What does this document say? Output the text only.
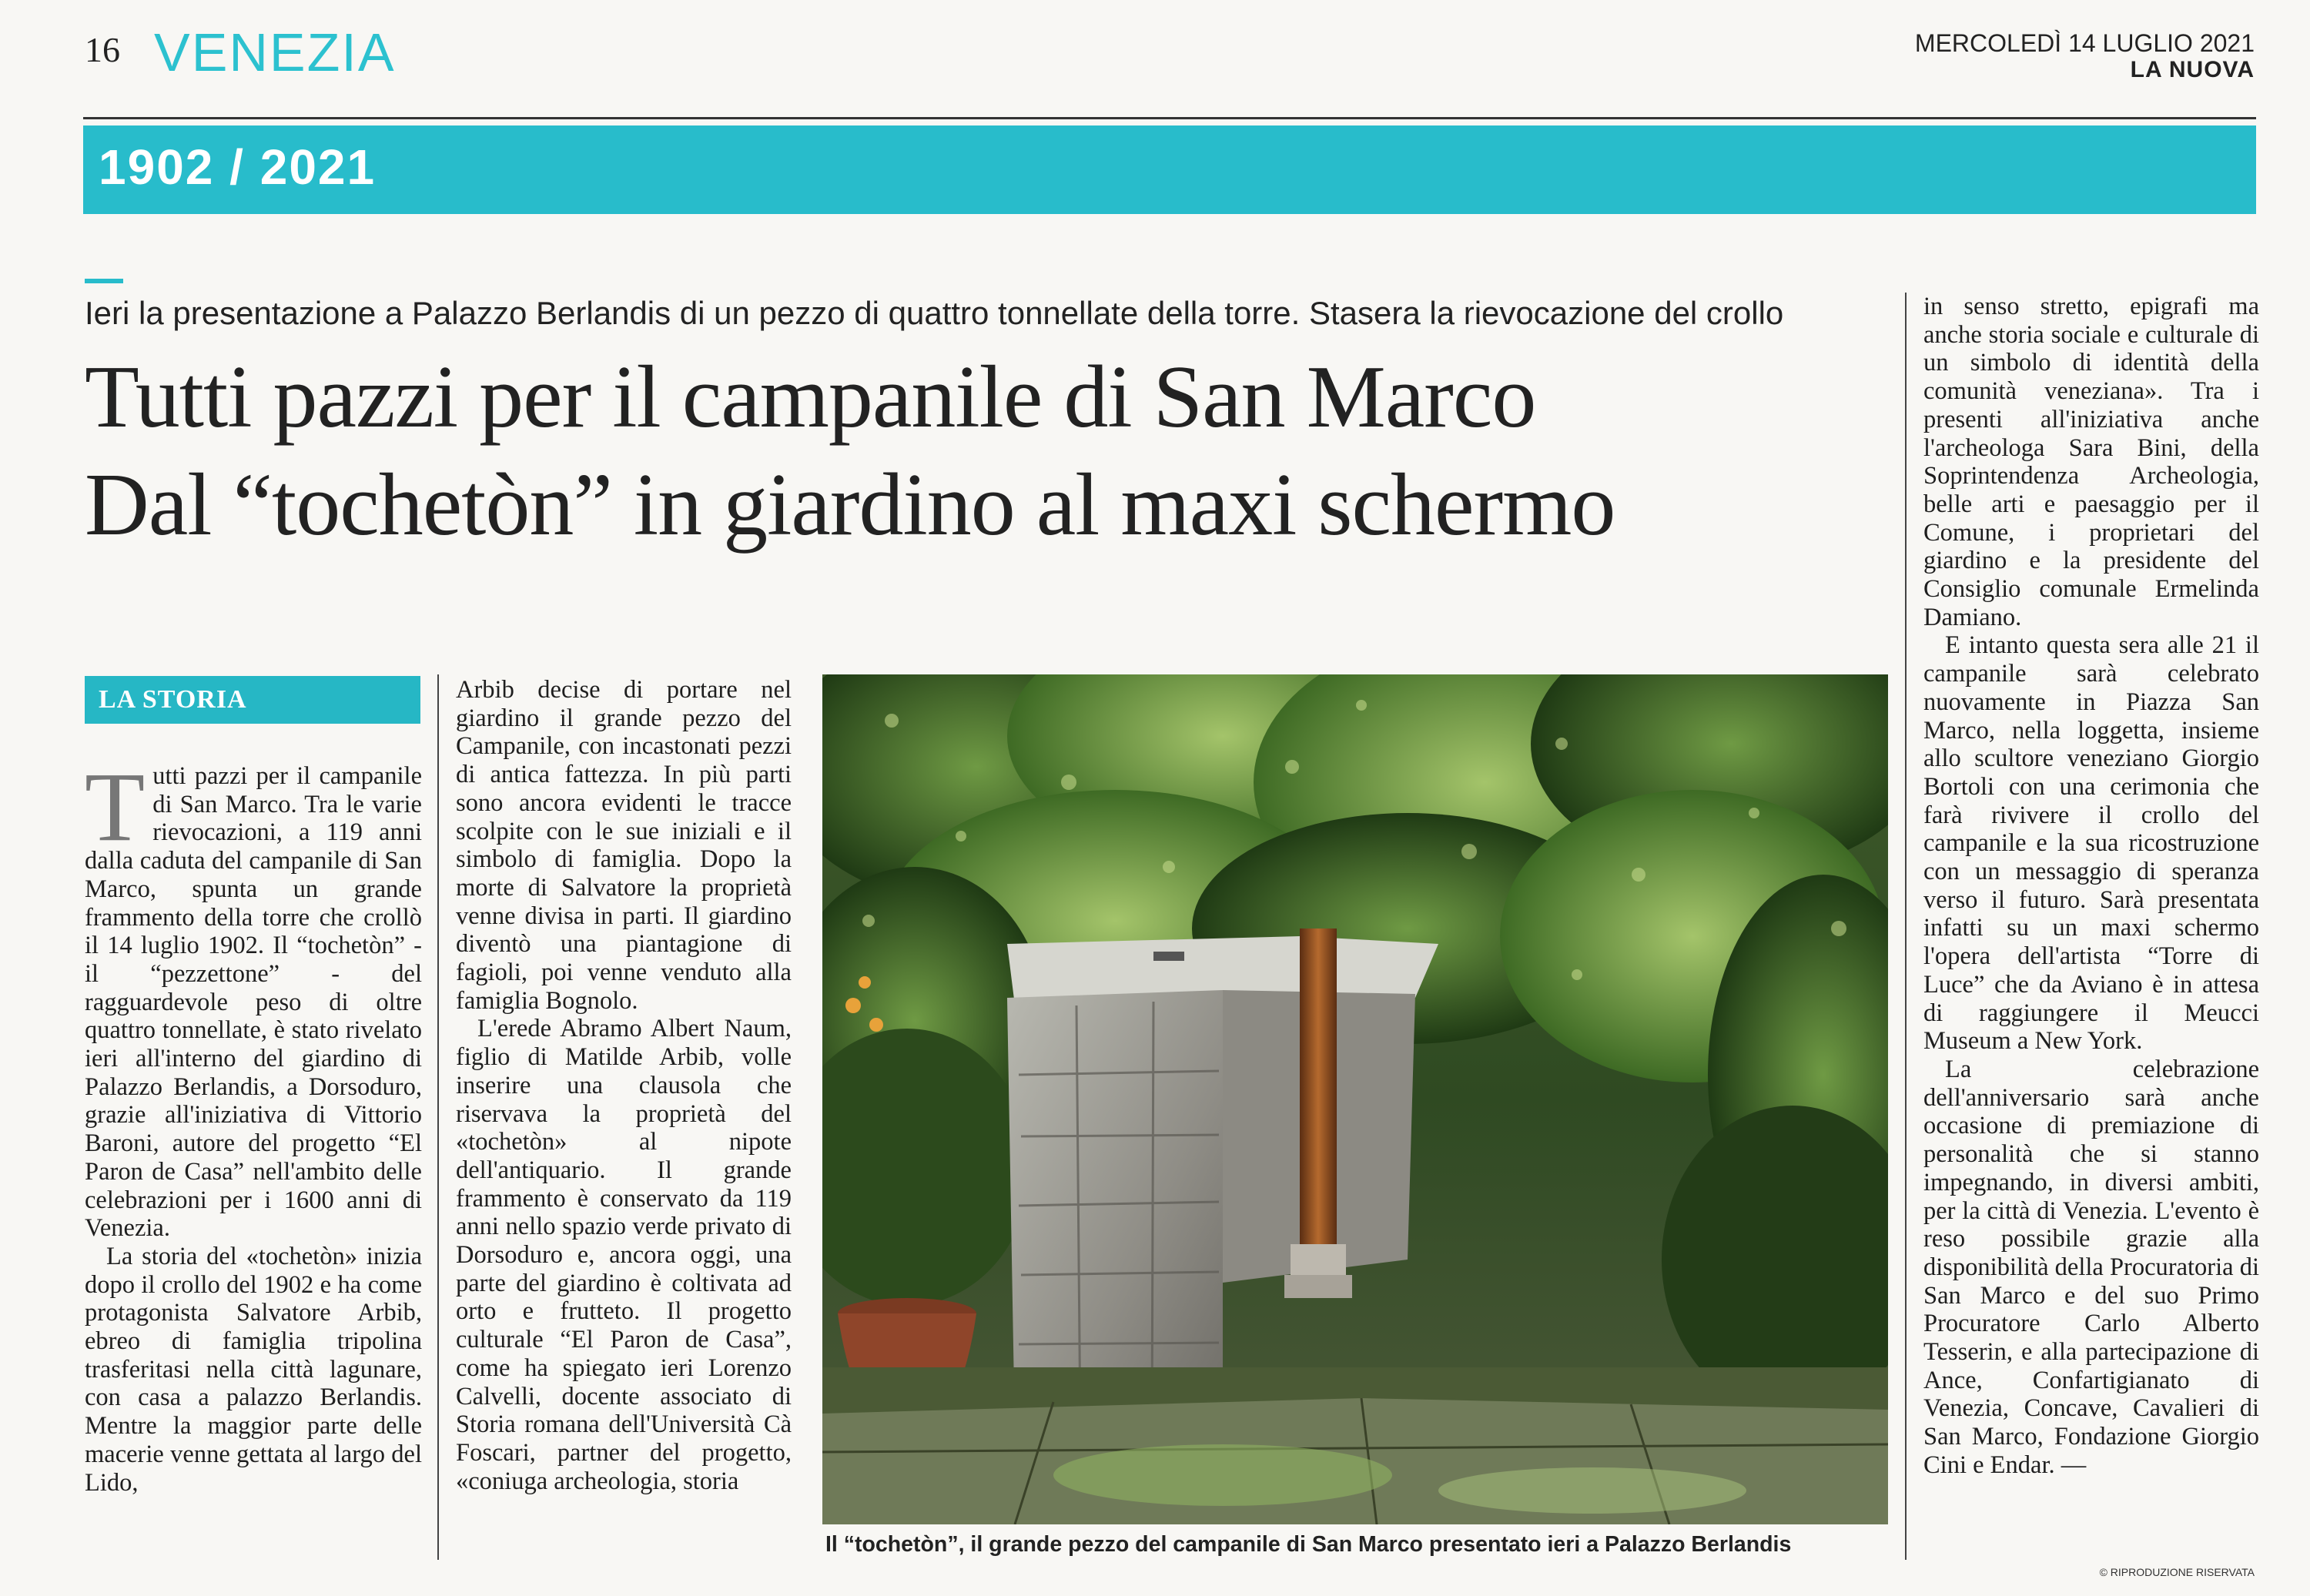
16 VENEZIA	MERCOLEDÌ 14 LUGLIO 2021
LA NUOVA
1902 / 2021
Ieri la presentazione a Palazzo Berlandis di un pezzo di quattro tonnellate della torre. Stasera la rievocazione del crollo
Tutti pazzi per il campanile di San Marco
Dal “tochetòn” in giardino al maxi schermo
LA STORIA

Tutti pazzi per il campanile di San Marco. Tra le varie rievocazioni, a 119 anni dalla caduta del campanile di San Marco, spunta un grande frammento della torre che crollò il 14 luglio 1902. Il “tochetòn” - il “pezzettone” - del ragguardevole peso di oltre quattro tonnellate, è stato rivelato ieri all'interno del giardino di Palazzo Berlandis, a Dorsoduro, grazie all'iniziativa di Vittorio Baroni, autore del progetto “El Paron de Casa” nell'ambito delle celebrazioni per i 1600 anni di Venezia.

La storia del «tochetòn» inizia dopo il crollo del 1902 e ha come protagonista Salvatore Arbib, ebreo di famiglia tripolina trasferitasi nella città lagunare, con casa a palazzo Berlandis. Mentre la maggior parte delle macerie venne gettata al largo del Lido,

Arbib decise di portare nel giardino il grande pezzo del Campanile, con incastonati pezzi di antica fattezza. In più parti sono ancora evidenti le tracce scolpite con le sue iniziali e il simbolo di famiglia. Dopo la morte di Salvatore la proprietà venne divisa in parti. Il giardino diventò una piantagione di fagioli, poi venne venduto alla famiglia Bognolo.

L'erede Abramo Albert Naum, figlio di Matilde Arbib, volle inserire una clausola che riservava la proprietà del «tochetòn» al nipote dell'antiquario. Il grande frammento è conservato da 119 anni nello spazio verde privato di Dorsoduro e, ancora oggi, una parte del giardino è coltivata ad orto e frutteto. Il progetto culturale “El Paron de Casa”, come ha spiegato ieri Lorenzo Calvelli, docente associato di Storia romana dell'Università Cà Foscari, partner del progetto, «coniuga archeologia, storia

Il “tochetòn”, il grande pezzo del campanile di San Marco presentato ieri a Palazzo Berlandis

in senso stretto, epigrafi ma anche storia sociale e culturale di un simbolo di identità della comunità veneziana». Tra i presenti all'iniziativa anche l'archeologa Sara Bini, della Soprintendenza Archeologia, belle arti e paesaggio per il Comune, i proprietari del giardino e la presidente del Consiglio comunale Ermelinda Damiano.

E intanto questa sera alle 21 il campanile sarà celebrato nuovamente in Piazza San Marco, nella loggetta, insieme allo scultore veneziano Giorgio Bortoli con una cerimonia che farà rivivere il crollo del campanile e la sua ricostruzione con un messaggio di speranza verso il futuro. Sarà presentata infatti su un maxi schermo l'opera dell'artista “Torre di Luce” che da Aviano è in attesa di raggiungere il Meucci Museum a New York.

La celebrazione dell'anniversario sarà anche occasione di premiazione di personalità che si stanno impegnando, in diversi ambiti, per la città di Venezia. L'evento è reso possibile grazie alla disponibilità della Procuratoria di San Marco e del suo Primo Procuratore Carlo Alberto Tesserin, e alla partecipazione di Ance, Confartigianato di Venezia, Concave, Cavalieri di San Marco, Fondazione Giorgio Cini e Endar. —

© RIPRODUZIONE RISERVATA
